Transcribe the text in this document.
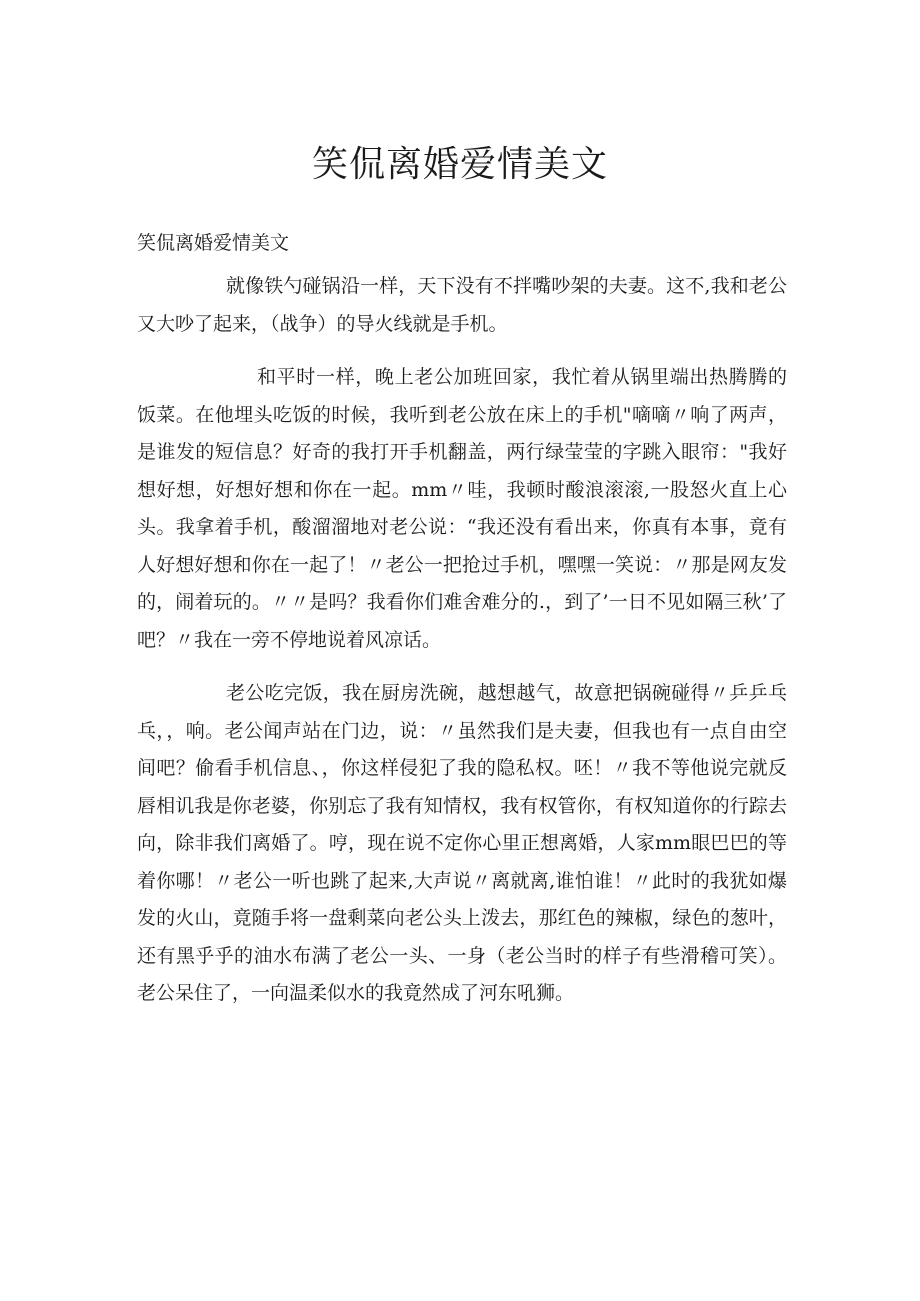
笑侃离婚爱情美文
笑侃离婚爱情美文

就像铁勺碰锅沿一样，天下没有不拌嘴吵架的夫妻。这不,我和老公又大吵了起来，（战争）的导火线就是手机。

和平时一样，晚上老公加班回家，我忙着从锅里端出热腾腾的饭菜。在他埋头吃饭的时候，我听到老公放在床上的手机"嘀嘀〃响了两声，是谁发的短信息？好奇的我打开手机翻盖，两行绿莹莹的字跳入眼帘："我好想好想，好想好想和你在一起。mm〃哇，我顿时酸浪滚滚,一股怒火直上心头。我拿着手机，酸溜溜地对老公说：“我还没有看出来，你真有本事，竟有人好想好想和你在一起了！〃老公一把抢过手机，嘿嘿一笑说：〃那是网友发的，闹着玩的。〃〃是吗？我看你们难舍难分的.，到了’一日不见如隔三秋’了吧？〃我在一旁不停地说着风凉话。

老公吃完饭，我在厨房洗碗，越想越气，故意把锅碗碰得〃乒乒乓乓，，响。老公闻声站在门边，说：〃虽然我们是夫妻，但我也有一点自由空间吧？偷看手机信息、，你这样侵犯了我的隐私权。呸！〃我不等他说完就反唇相讥我是你老婆，你别忘了我有知情权，我有权管你，有权知道你的行踪去向，除非我们离婚了。哼，现在说不定你心里正想离婚，人家mm眼巴巴的等着你哪！〃老公一听也跳了起来,大声说〃离就离,谁怕谁！〃此时的我犹如爆发的火山，竟随手将一盘剩菜向老公头上泼去，那红色的辣椒，绿色的葱叶，还有黑乎乎的油水布满了老公一头、一身（老公当时的样子有些滑稽可笑）。老公呆住了，一向温柔似水的我竟然成了河东吼狮。
